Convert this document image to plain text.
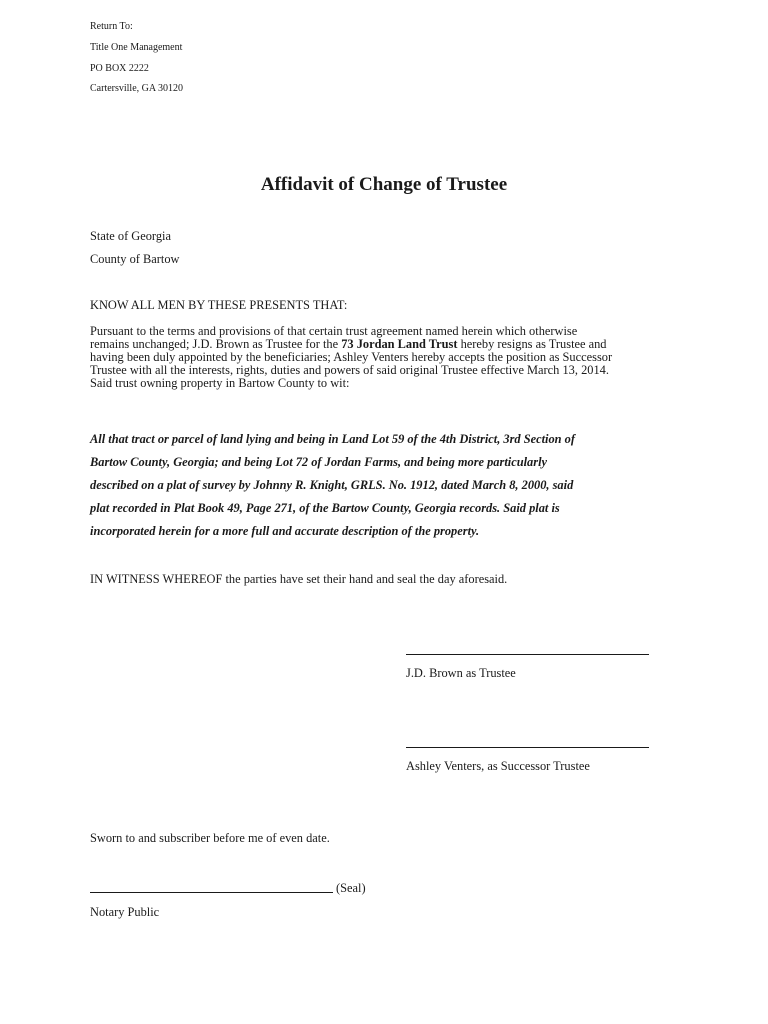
Return To:
Title One Management
PO BOX 2222
Cartersville, GA 30120
Affidavit of Change of Trustee
State of Georgia
County of Bartow
KNOW ALL MEN BY THESE PRESENTS THAT:
Pursuant to the terms and provisions of that certain trust agreement named herein which otherwise
remains unchanged; J.D. Brown as Trustee for the 73 Jordan Land Trust hereby resigns as Trustee and
having been duly appointed by the beneficiaries; Ashley Venters hereby accepts the position as Successor
Trustee with all the interests, rights, duties and powers of said original Trustee effective March 13, 2014.
Said trust owning property in Bartow County to wit:
All that tract or parcel of land lying and being in Land Lot 59 of the 4th District, 3rd Section of
Bartow County, Georgia; and being Lot 72 of Jordan Farms, and being more particularly
described on a plat of survey by Johnny R. Knight, GRLS. No. 1912, dated March 8, 2000, said
plat recorded in Plat Book 49, Page 271, of the Bartow County, Georgia records. Said plat is
incorporated herein for a more full and accurate description of the property.
IN WITNESS WHEREOF the parties have set their hand and seal the day aforesaid.
J.D. Brown as Trustee
Ashley Venters, as Successor Trustee
Sworn to and subscriber before me of even date.
(Seal)
Notary Public
